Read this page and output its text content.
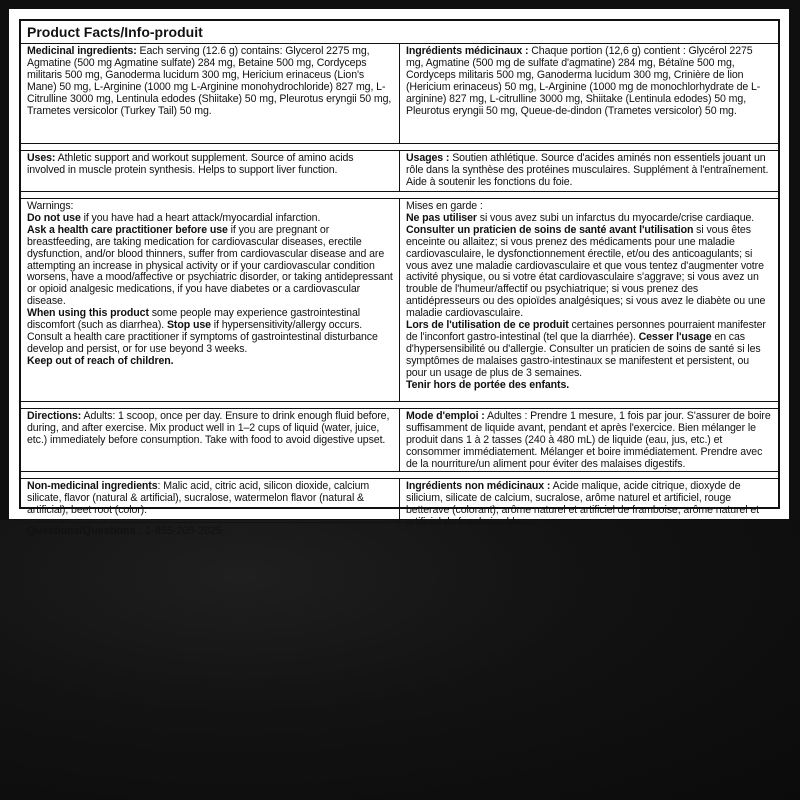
Product Facts/Info-produit
Medicinal ingredients: Each serving (12.6 g) contains: Glycerol 2275 mg, Agmatine (500 mg Agmatine sulfate) 284 mg, Betaine 500 mg, Cordyceps militaris 500 mg, Ganoderma lucidum 300 mg, Hericium erinaceus (Lion's Mane) 50 mg, L-Arginine (1000 mg L-Arginine monohydrochloride) 827 mg, L-Citrulline 3000 mg, Lentinula edodes (Shiitake) 50 mg, Pleurotus eryngii 50 mg, Trametes versicolor (Turkey Tail) 50 mg.
Ingrédients médicinaux : Chaque portion (12,6 g) contient : Glycérol 2275 mg, Agmatine (500 mg de sulfate d'agmatine) 284 mg, Bétaïne 500 mg, Cordyceps militaris 500 mg, Ganoderma lucidum 300 mg, Crinière de lion (Hericium erinaceus) 50 mg, L-Arginine (1000 mg de monochlorhydrate de L-arginine) 827 mg, L-citrulline 3000 mg, Shiitake (Lentinula edodes) 50 mg, Pleurotus eryngii 50 mg, Queue-de-dindon (Trametes versicolor) 50 mg.
Uses: Athletic support and workout supplement. Source of amino acids involved in muscle protein synthesis. Helps to support liver function.
Usages : Soutien athlétique. Source d'acides aminés non essentiels jouant un rôle dans la synthèse des protéines musculaires. Supplément à l'entraînement. Aide à soutenir les fonctions du foie.

Warnings:

Do not use if you have had a heart attack/myocardial infarction.

Ask a health care practitioner before use if you are pregnant or breastfeeding, are taking medication for cardiovascular diseases, erectile dysfunction, and/or blood thinners, suffer from cardiovascular disease and are attempting an increase in physical activity or if your cardiovascular condition worsens, have a mood/affective or psychiatric disorder, or taking antidepressant or opioid analgesic medications, if you have diabetes or a cardiovascular disease.

When using this product some people may experience gastrointestinal discomfort (such as diarrhea). Stop use if hypersensitivity/allergy occurs. Consult a health care practitioner if symptoms of gastrointestinal disturbance develop and persist, or for use beyond 3 weeks.

Keep out of reach of children.

Mises en garde :

Ne pas utiliser si vous avez subi un infarctus du myocarde/crise cardiaque.

Consulter un praticien de soins de santé avant l'utilisation si vous êtes enceinte ou allaitez; si vous prenez des médicaments pour une maladie cardiovasculaire, le dysfonctionnement érectile, et/ou des anticoagulants; si vous avez une maladie cardiovasculaire et que vous tentez d'augmenter votre activité physique, ou si votre état cardiovasculaire s'aggrave; si vous avez un trouble de l'humeur/affectif ou psychiatrique; si vous prenez des antidépresseurs ou des opioïdes analgésiques; si vous avez le diabète ou une maladie cardiovasculaire.

Lors de l'utilisation de ce produit certaines personnes pourraient manifester de l'inconfort gastro-intestinal (tel que la diarrhée). Cesser l'usage en cas d'hypersensibilité ou d'allergie. Consulter un praticien de soins de santé si les symptômes de malaises gastro-intestinaux se manifestent et persistent, ou pour un usage de plus de 3 semaines.

Tenir hors de portée des enfants.

Directions: Adults: 1 scoop, once per day. Ensure to drink enough fluid before, during, and after exercise. Mix product well in 1–2 cups of liquid (water, juice, etc.) immediately before consumption. Take with food to avoid digestive upset.
Mode d'emploi : Adultes : Prendre 1 mesure, 1 fois par jour. S'assurer de boire suffisamment de liquide avant, pendant et après l'exercice. Bien mélanger le produit dans 1 à 2 tasses (240 à 480 mL) de liquide (eau, jus, etc.) et consommer immédiatement. Mélanger et boire immédiatement. Prendre avec de la nourriture/un aliment pour éviter des malaises digestifs.
Non-medicinal ingredients: Malic acid, citric acid, silicon dioxide, calcium silicate, flavor (natural & artificial), sucralose, watermelon flavor (natural & artificial), beet root (color).
Ingrédients non médicinaux : Acide malique, acide citrique, dioxyde de silicium, silicate de calcium, sucralose, arôme naturel et artificiel, rouge betterave (colorant), arôme naturel et artificiel de framboise, arôme naturel et artificiel de framboise bleue.
Questions/Questions : 1-855-205-2825
